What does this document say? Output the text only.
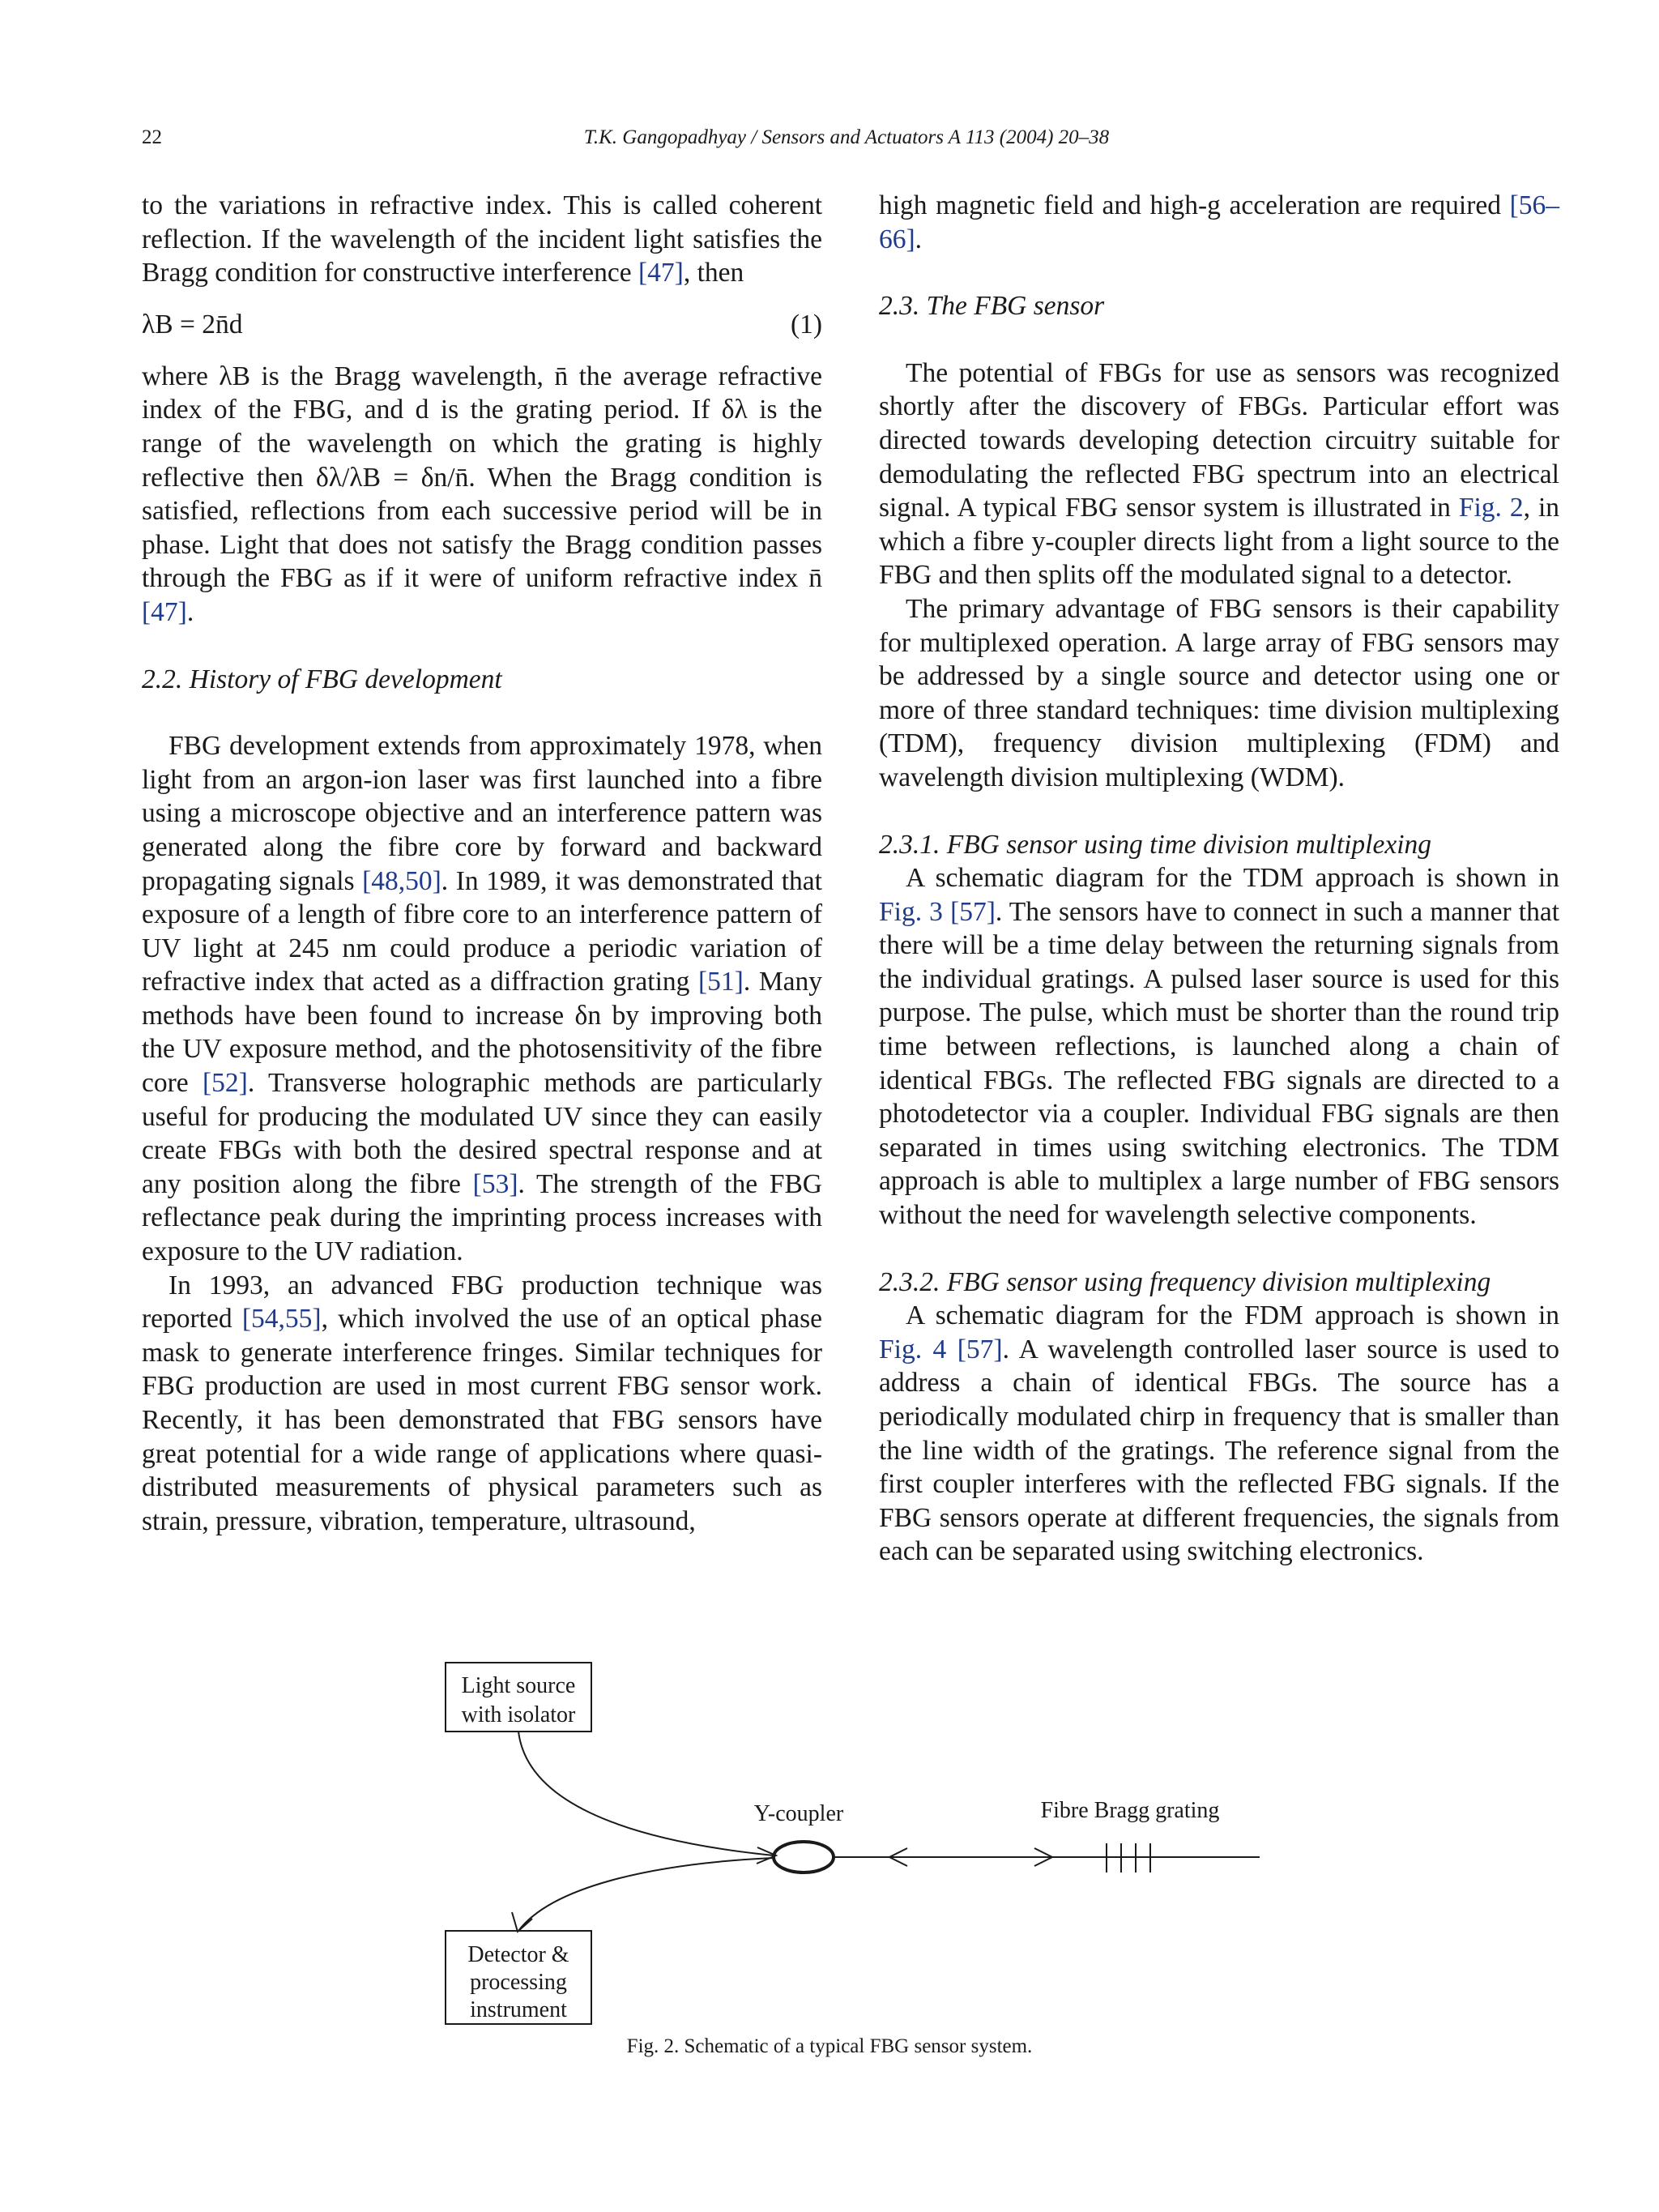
22	T.K. Gangopadhyay / Sensors and Actuators A 113 (2004) 20–38

to the variations in refractive index. This is called coherent reflection. If the wavelength of the incident light satisfies the Bragg condition for constructive interference [47], then

λB = 2n̄d	(1)

where λB is the Bragg wavelength, n̄ the average refractive index of the FBG, and d is the grating period. If δλ is the range of the wavelength on which the grating is highly reflective then δλ/λB = δn/n̄. When the Bragg condition is satisfied, reflections from each successive period will be in phase. Light that does not satisfy the Bragg condition passes through the FBG as if it were of uniform refractive index n̄ [47].

2.2. History of FBG development

FBG development extends from approximately 1978, when light from an argon-ion laser was first launched into a fibre using a microscope objective and an interference pattern was generated along the fibre core by forward and backward propagating signals [48,50]. In 1989, it was demonstrated that exposure of a length of fibre core to an interference pattern of UV light at 245 nm could produce a periodic variation of refractive index that acted as a diffraction grating [51]. Many methods have been found to increase δn by improving both the UV exposure method, and the photosensitivity of the fibre core [52]. Transverse holographic methods are particularly useful for producing the modulated UV since they can easily create FBGs with both the desired spectral response and at any position along the fibre [53]. The strength of the FBG reflectance peak during the imprinting process increases with exposure to the UV radiation.

In 1993, an advanced FBG production technique was reported [54,55], which involved the use of an optical phase mask to generate interference fringes. Similar techniques for FBG production are used in most current FBG sensor work. Recently, it has been demonstrated that FBG sensors have great potential for a wide range of applications where quasi-distributed measurements of physical parameters such as strain, pressure, vibration, temperature, ultrasound,

high magnetic field and high-g acceleration are required [56–66].

2.3. The FBG sensor

The potential of FBGs for use as sensors was recognized shortly after the discovery of FBGs. Particular effort was directed towards developing detection circuitry suitable for demodulating the reflected FBG spectrum into an electrical signal. A typical FBG sensor system is illustrated in Fig. 2, in which a fibre y-coupler directs light from a light source to the FBG and then splits off the modulated signal to a detector.

The primary advantage of FBG sensors is their capability for multiplexed operation. A large array of FBG sensors may be addressed by a single source and detector using one or more of three standard techniques: time division multiplexing (TDM), frequency division multiplexing (FDM) and wavelength division multiplexing (WDM).

2.3.1. FBG sensor using time division multiplexing

A schematic diagram for the TDM approach is shown in Fig. 3 [57]. The sensors have to connect in such a manner that there will be a time delay between the returning signals from the individual gratings. A pulsed laser source is used for this purpose. The pulse, which must be shorter than the round trip time between reflections, is launched along a chain of identical FBGs. The reflected FBG signals are directed to a photodetector via a coupler. Individual FBG signals are then separated in times using switching electronics. The TDM approach is able to multiplex a large number of FBG sensors without the need for wavelength selective components.

2.3.2. FBG sensor using frequency division multiplexing

A schematic diagram for the FDM approach is shown in Fig. 4 [57]. A wavelength controlled laser source is used to address a chain of identical FBGs. The source has a periodically modulated chirp in frequency that is smaller than the line width of the gratings. The reference signal from the first coupler interferes with the reflected FBG signals. If the FBG sensors operate at different frequencies, the signals from each can be separated using switching electronics.

Light source
with isolator
Detector &
processing
instrument
Y-coupler	Fibre Bragg grating
Fig. 2. Schematic of a typical FBG sensor system.
